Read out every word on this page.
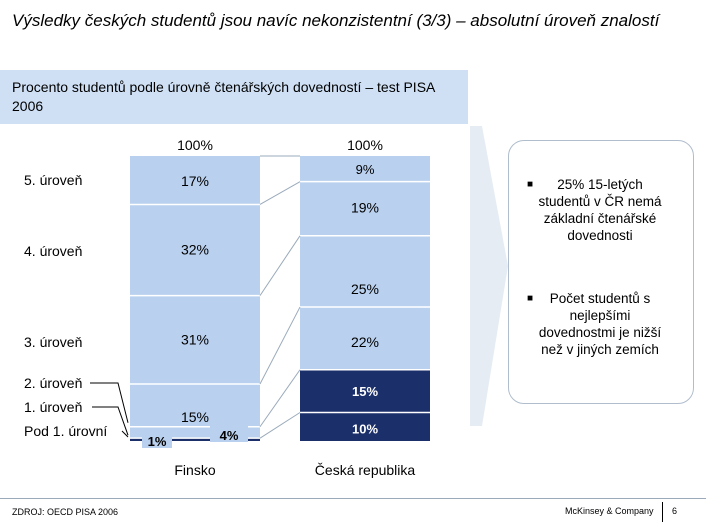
Výsledky českých studentů jsou navíc nekonzistentní (3/3) – absolutní úroveň znalostí
Procento studentů podle úrovně čtenářských dovedností – test PISA 2006
100%	100%
17%
32%
31%
15%
1%	4%
9%
19%
25%
22%
15%
10%
5. úroveň
4. úroveň
3. úroveň
2. úroveň
1. úroveň
Pod 1. úrovní
Finsko	Česká republika
■ 25% 15-letých studentů v ČR nemá základní čtenářské dovednosti
■ Počet studentů s nejlepšími dovednostmi je nižší než v jiných zemích
ZDROJ: OECD PISA 2006	McKinsey & Company 6
